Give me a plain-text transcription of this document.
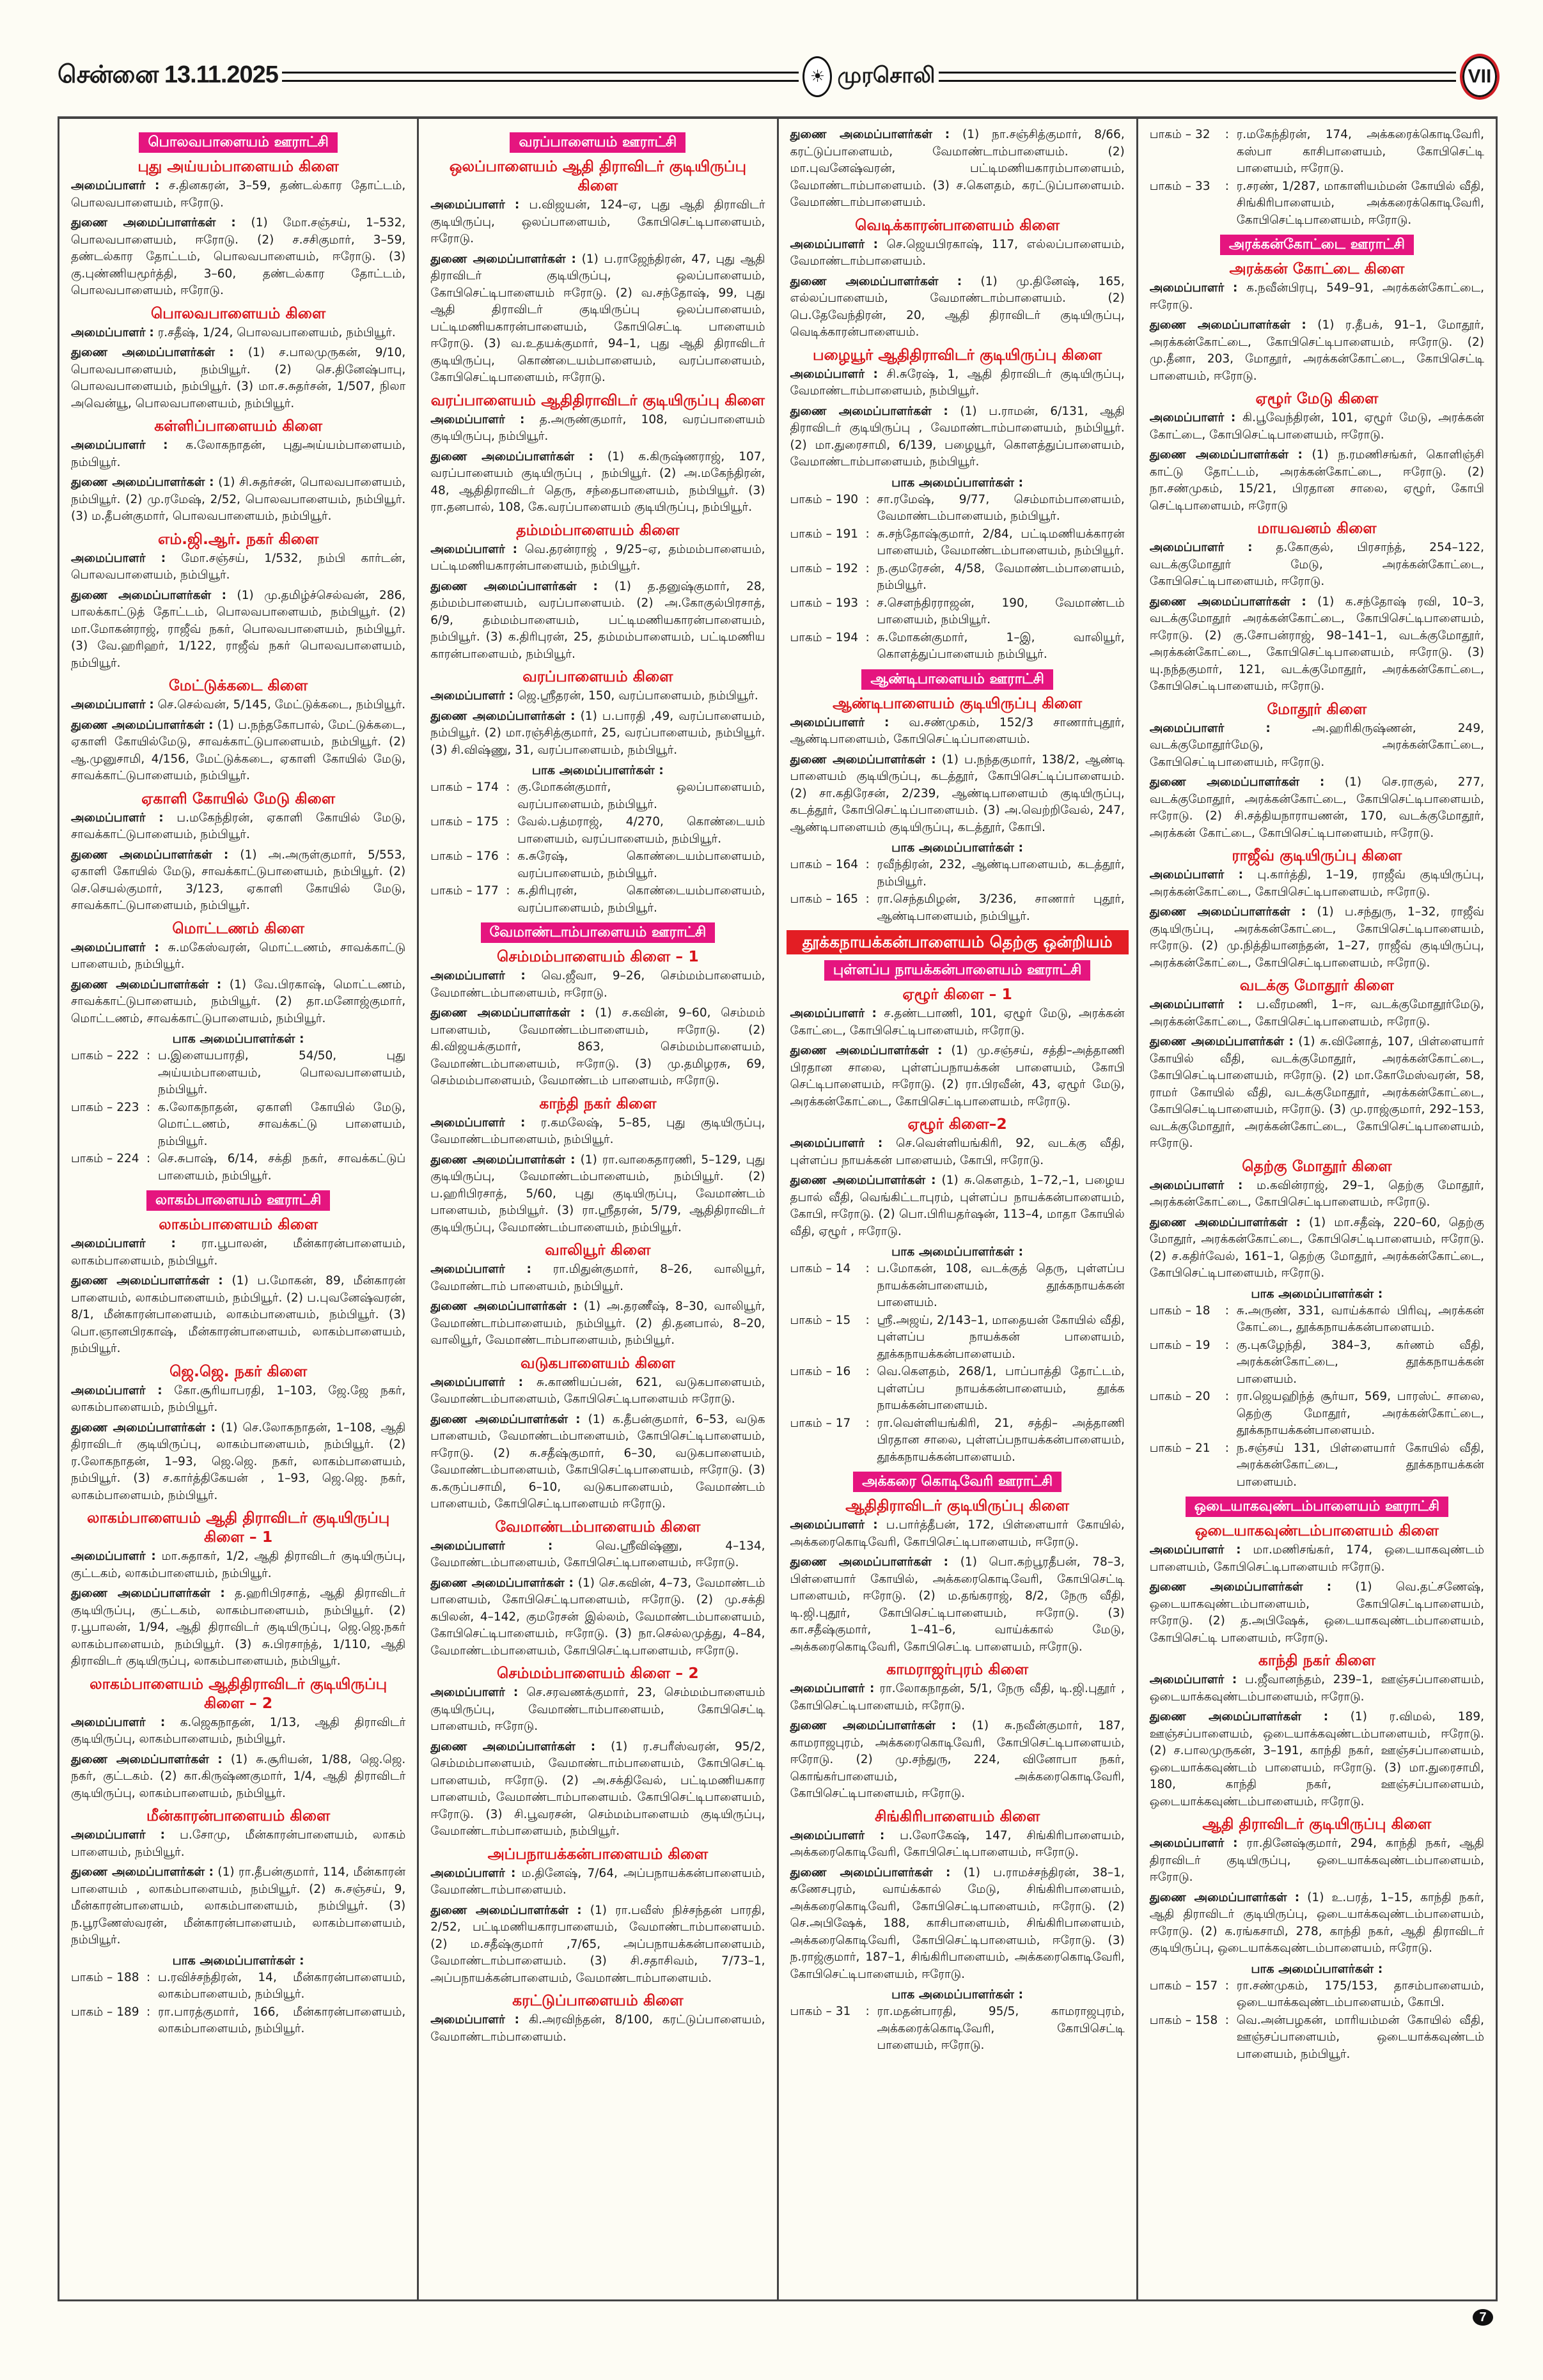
சென்னை 13.11.2025	☀ முரசொலி	VII
பொலவபாளையம் ஊராட்சி
புது அய்யம்பாளையம் கிளை

அமைப்பாளர் : ச.தினகரன், 3–59, தண்டல்கார தோட்டம், பொலவபாளையம், ஈரோடு.

துணை அமைப்பாளர்கள் : (1) மோ.சஞ்சய், 1–532, பொலவபாளையம், ஈரோடு. (2) ச.சசிகுமார், 3–59, தண்டல்கார தோட்டம், பொலவபாளையம், ஈரோடு. (3) கு.புண்ணியமூர்த்தி, 3–60, தண்டல்கார தோட்டம், பொலவபாளையம், ஈரோடு.

பொலவபாளையம் கிளை

அமைப்பாளர் : ர.சதீஷ், 1/24, பொலவபாளையம், நம்பியூர்.

துணை அமைப்பாளர்கள் : (1) ச.பாலமுருகன், 9/10, பொலவபாளையம், நம்பியூர். (2) செ.தினேஷ்பாபு, பொலவபாளையம், நம்பியூர். (3) மா.ச.சுதர்சன், 1/507, நிலா அவென்யூ, பொலவபாளையம், நம்பியூர்.

கள்ளிப்பாளையம் கிளை

அமைப்பாளர் : க.லோகநாதன், புதுஅய்யம்பாளையம், நம்பியூர்.

துணை அமைப்பாளர்கள் : (1) சி.சுதர்சன், பொலவபாளையம், நம்பியூர். (2) மு.ரமேஷ், 2/52, பொலவபாளையம், நம்பியூர். (3) ம.தீபன்குமார், பொலவபாளையம், நம்பியூர்.

எம்.ஜி.ஆர். நகர் கிளை

அமைப்பாளர் : மோ.சஞ்சய், 1/532, நம்பி கார்டன், பொலவபாளையம், நம்பியூர்.

துணை அமைப்பாளர்கள் : (1) மு.தமிழ்ச்செல்வன், 286, பாலக்காட்டுத் தோட்டம், பொலவபாளையம், நம்பியூர். (2) மா.மோகன்ராஜ், ராஜீவ் நகர், பொலவபாளையம், நம்பியூர். (3) வே.ஹரிஹர், 1/122, ராஜீவ் நகர் பொலவபாளையம், நம்பியூர்.

மேட்டுக்கடை கிளை

அமைப்பாளர் : செ.செல்வன், 5/145, மேட்டுக்கடை, நம்பியூர்.

துணை அமைப்பாளர்கள் : (1) ப.நந்தகோபால், மேட்டுக்கடை, ஏகாளி கோயில்மேடு, சாவக்காட்டுபாளையம், நம்பியூர். (2) ஆ.முனுசாமி, 4/156, மேட்டுக்கடை, ஏகாளி கோயில் மேடு, சாவக்காட்டுபாளையம், நம்பியூர்.

ஏகாளி கோயில் மேடு கிளை

அமைப்பாளர் : ப.மகேந்திரன், ஏகாளி கோயில் மேடு, சாவக்காட்டுபாளையம், நம்பியூர்.

துணை அமைப்பாளர்கள் : (1) அ.அருள்குமார், 5/553, ஏகாளி கோயில் மேடு, சாவக்காட்டுபாளையம், நம்பியூர். (2) செ.செயல்குமார், 3/123, ஏகாளி கோயில் மேடு, சாவக்காட்டுபாளையம், நம்பியூர்.

மொட்டணம் கிளை

அமைப்பாளர் : சு.மகேஸ்வரன், மொட்டணம், சாவக்காட்டு பாளையம், நம்பியூர்.

துணை அமைப்பாளர்கள் : (1) வே.பிரகாஷ், மொட்டணம், சாவக்காட்டுபாளையம், நம்பியூர். (2) தா.மனோஜ்குமார், மொட்டணம், சாவக்காட்டுபாளையம், நம்பியூர்.

பாக அமைப்பாளர்கள் :
பாகம் – 222 : ப.இளையபாரதி, 54/50, புது அய்யம்பாளையம், பொலவபாளையம், நம்பியூர்.
பாகம் – 223 : க.லோகநாதன், ஏகாளி கோயில் மேடு, மொட்டணம், சாவக்கட்டு பாளையம், நம்பியூர்.
பாகம் – 224 : செ.சுபாஷ், 6/14, சக்தி நகர், சாவக்கட்டுப் பாளையம், நம்பியூர்.
லாகம்பாளையம் ஊராட்சி
லாகம்பாளையம் கிளை

அமைப்பாளர் : ரா.பூபாலன், மீன்காரன்பாளையம், லாகம்பாளையம், நம்பியூர்.

துணை அமைப்பாளர்கள் : (1) ப.மோகன், 89, மீன்காரன் பாளையம், லாகம்பாளையம், நம்பியூர். (2) ப.புவனேஷ்வரன், 8/1, மீன்காரன்பாளையம், லாகம்பாளையம், நம்பியூர். (3) பொ.ஞானபிரகாஷ், மீன்காரன்பாளையம், லாகம்பாளையம், நம்பியூர்.

ஜெ.ஜெ. நகர் கிளை

அமைப்பாளர் : கோ.சூரியாபரதி, 1–103, ஜே.ஜே நகர், லாகம்பாளையம், நம்பியூர்.

துணை அமைப்பாளர்கள் : (1) செ.லோகநாதன், 1–108, ஆதி திராவிடர் குடியிருப்பு, லாகம்பாளையம், நம்பியூர். (2) ர.லோகநாதன், 1–93, ஜெ.ஜெ. நகர், லாகம்பாளையம், நம்பியூர். (3) ச.கார்த்திகேயன் , 1–93, ஜெ.ஜெ. நகர், லாகம்பாளையம், நம்பியூர்.

லாகம்பாளையம் ஆதி திராவிடர் குடியிருப்பு கிளை – 1

அமைப்பாளர் : மா.சுதாகர், 1/2, ஆதி திராவிடர் குடியிருப்பு, குட்டகம், லாகம்பாளையம், நம்பியூர்.

துணை அமைப்பாளர்கள் : த.ஹரிபிரசாத், ஆதி திராவிடர் குடியிருப்பு, குட்டகம், லாகம்பாளையம், நம்பியூர். (2) ர.பூபாலன், 1/94, ஆதி திராவிடர் குடியிருப்பு, ஜெ.ஜெ.நகர் லாகம்பாளையம், நம்பியூர். (3) சு.பிரசாந்த், 1/110, ஆதி திராவிடர் குடியிருப்பு, லாகம்பாளையம், நம்பியூர்.

லாகம்பாளையம் ஆதிதிராவிடர் குடியிருப்பு கிளை – 2

அமைப்பாளர் : க.ஜெகநாதன், 1/13, ஆதி திராவிடர் குடியிருப்பு, லாகம்பாளையம், நம்பியூர்.

துணை அமைப்பாளர்கள் : (1) சு.சூரியன், 1/88, ஜெ.ஜெ. நகர், குட்டகம். (2) கா.கிருஷ்ணகுமார், 1/4, ஆதி திராவிடர் குடியிருப்பு, லாகம்பாளையம், நம்பியூர்.

மீன்காரன்பாளையம் கிளை

அமைப்பாளர் : ப.சோமு, மீன்காரன்பாளையம், லாகம் பாளையம், நம்பியூர்.

துணை அமைப்பாளர்கள் : (1) ரா.தீபன்குமார், 114, மீன்காரன் பாளையம் , லாகம்பாளையம், நம்பியூர். (2) சு.சஞ்சய், 9, மீன்காரன்பாளையம், லாகம்பாளையம், நம்பியூர். (3) ந.பூரணேஸ்வரன், மீன்காரன்பாளையம், லாகம்பாளையம், நம்பியூர்.

பாக அமைப்பாளர்கள் :
பாகம் – 188 : ப.ரவிச்சந்திரன், 14, மீன்காரன்பாளையம், லாகம்பாளையம், நம்பியூர்.
பாகம் – 189 : ரா.பாரத்குமார், 166, மீன்காரன்பாளையம், லாகம்பாளையம், நம்பியூர்.
வரப்பாளையம் ஊராட்சி
ஒலப்பாளையம் ஆதி திராவிடர் குடியிருப்பு கிளை

அமைப்பாளர் : ப.விஜயன், 124–ஏ, புது ஆதி திராவிடர் குடியிருப்பு, ஒலப்பாளையம், கோபிசெட்டிபாளையம், ஈரோடு.

துணை அமைப்பாளர்கள் : (1) ப.ராஜேந்திரன், 47, புது ஆதி திராவிடர் குடியிருப்பு, ஒலப்பாளையம், கோபிசெட்டிபாளையம் ஈரோடு. (2) வ.சந்தோஷ், 99, புது ஆதி திராவிடர் குடியிருப்பு ஒலப்பாளையம், பட்டிமணியகாரன்பாளையம், கோபிசெட்டி பாளையம் ஈரோடு. (3) வ.உதயக்குமார், 94–1, புது ஆதி திராவிடர் குடியிருப்பு, கொண்டையம்பாளையம், வரப்பாளையம், கோபிசெட்டிபாளையம், ஈரோடு.

வரப்பாளையம் ஆதிதிராவிடர் குடியிருப்பு கிளை

அமைப்பாளர் : த.அருண்குமார், 108, வரப்பாளையம் குடியிருப்பு, நம்பியூர்.

துணை அமைப்பாளர்கள் : (1) க.கிருஷ்ணராஜ், 107, வரப்பாளையம் குடியிருப்பு , நம்பியூர். (2) அ.மகேந்திரன், 48, ஆதிதிராவிடர் தெரு, சந்தைபாளையம், நம்பியூர். (3) ரா.தனபால், 108, கே.வரப்பாளையம் குடியிருப்பு, நம்பியூர்.

தம்மம்பாளையம் கிளை

அமைப்பாளர் : வெ.தரன்ராஜ் , 9/25–ஏ, தம்மம்பாளையம், பட்டிமணியகாரன்பாளையம், நம்பியூர்.

துணை அமைப்பாளர்கள் : (1) த.தனுஷ்குமார், 28, தம்மம்பாளையம், வரப்பாளையம். (2) அ.கோகுல்பிரசாத், 6/9, தம்மம்பாளையம், பட்டிமணியகாரன்பாளையம், நம்பியூர். (3) க.திரிபுரன், 25, தம்மம்பாளையம், பட்டிமணிய காரன்பாளையம், நம்பியூர்.

வரப்பாளையம் கிளை

அமைப்பாளர் : ஜெ.ஸ்ரீதரன், 150, வரப்பாளையம், நம்பியூர்.

துணை அமைப்பாளர்கள் : (1) ப.பாரதி ,49, வரப்பாளையம், நம்பியூர். (2) மா.ரஞ்சித்குமார், 25, வரப்பாளையம், நம்பியூர். (3) சி.விஷ்ணு, 31, வரப்பாளையம், நம்பியூர்.

பாக அமைப்பாளர்கள் :
பாகம் – 174 : கு.மோகன்குமார், ஒலப்பாளையம், வரப்பாளையம், நம்பியூர்.
பாகம் – 175 : வேல்.பத்மராஜ், 4/270, கொண்டையம் பாளையம், வரப்பாளையம், நம்பியூர்.
பாகம் – 176 : க.சுரேஷ், கொண்டையம்பாளையம், வரப்பாளையம், நம்பியூர்.
பாகம் – 177 : க.திரிபுரன், கொண்டையம்பாளையம், வரப்பாளையம், நம்பியூர்.
வேமாண்டாம்பாளையம் ஊராட்சி
செம்மம்பாளையம் கிளை – 1

அமைப்பாளர் : வெ.ஜீவா, 9–26, செம்மம்பாளையம், வேமாண்டம்பாளையம், ஈரோடு.

துணை அமைப்பாளர்கள் : (1) ச.கவின், 9–60, செம்மம் பாளையம், வேமாண்டம்பாளையம், ஈரோடு. (2) கி.விஜயக்குமார், 863, செம்மம்பாளையம், வேமாண்டம்பாளையம், ஈரோடு. (3) மு.தமிழரசு, 69, செம்மம்பாளையம், வேமாண்டம் பாளையம், ஈரோடு.

காந்தி நகர் கிளை

அமைப்பாளர் : ர.கமலேஷ், 5–85, புது குடியிருப்பு, வேமாண்டம்பாளையம், நம்பியூர்.

துணை அமைப்பாளர்கள் : (1) ரா.வாகைதாரணி, 5–129, புது குடியிருப்பு, வேமாண்டம்பாளையம், நம்பியூர். (2) ப.ஹரிபிரசாத், 5/60, புது குடியிருப்பு, வேமாண்டம் பாளையம், நம்பியூர். (3) ரா.ஸ்ரீதரன், 5/79, ஆதிதிராவிடர் குடியிருப்பு, வேமாண்டம்பாளையம், நம்பியூர்.

வாலியூர் கிளை

அமைப்பாளர் : ரா.மிதுன்குமார், 8–26, வாலியூர், வேமாண்டாம் பாளையம், நம்பியூர்.

துணை அமைப்பாளர்கள் : (1) அ.தரணீஷ், 8–30, வாலியூர், வேமாண்டாம்பாளையம், நம்பியூர். (2) தி.தனபால், 8–20, வாலியூர், வேமாண்டாம்பாளையம், நம்பியூர்.

வடுகபாளையம் கிளை

அமைப்பாளர் : சு.காணியப்பன், 621, வடுகபாளையம், வேமாண்டம்பாளையம், கோபிசெட்டிபாளையம் ஈரோடு.

துணை அமைப்பாளர்கள் : (1) க.தீபன்குமார், 6–53, வடுக பாளையம், வேமாண்டம்பாளையம், கோபிசெட்டிபாளையம், ஈரோடு. (2) சு.சதீஷ்குமார், 6–30, வடுகபாளையம், வேமாண்டம்பாளையம், கோபிசெட்டிபாளையம், ஈரோடு. (3) க.கருப்பசாமி, 6–10, வடுகபாளையம், வேமாண்டம் பாளையம், கோபிசெட்டிபாளையம் ஈரோடு.

வேமாண்டம்பாளையம் கிளை

அமைப்பாளர்	:	வெ.ஸ்ரீவிஷ்ணு, 4–134, வேமாண்டம்பாளையம், கோபிசெட்டிபாளையம், ஈரோடு.

துணை அமைப்பாளர்கள் : (1) செ.கவின், 4–73, வேமாண்டம் பாளையம், கோபிசெட்டிபாளையம், ஈரோடு. (2) மு.சக்தி கபிலன், 4–142, குமரேசன் இல்லம், வேமாண்டம்பாளையம், கோபிசெட்டிபாளையம், ஈரோடு. (3) நா.செல்லமுத்து, 4–84, வேமாண்டம்பாளையம், கோபிசெட்டிபாளையம், ஈரோடு.

செம்மம்பாளையம் கிளை – 2

அமைப்பாளர் : செ.சரவணக்குமார், 23, செம்மம்பாளையம் குடியிருப்பு, வேமாண்டாம்பாளையம், கோபிசெட்டி பாளையம், ஈரோடு.

துணை அமைப்பாளர்கள் : (1) ர.சபரீஸ்வரன், 95/2, செம்மம்பாளையம், வேமாண்டாம்பாளையம், கோபிசெட்டி பாளையம், ஈரோடு. (2) அ.சக்திவேல், பட்டிமணியகார பாளையம், வேமாண்டாம்பாளையம். கோபிசெட்டிபாளையம், ஈரோடு. (3) சி.பூவரசன், செம்மம்பாளையம் குடியிருப்பு, வேமாண்டாம்பாளையம், நம்பியூர்.

அப்பநாயக்கன்பாளையம் கிளை

அமைப்பாளர் : ம.தினேஷ், 7/64, அப்பநாயக்கன்பாளையம், வேமாண்டாம்பாளையம்.

துணை அமைப்பாளர்கள் : (1) ரா.பவீஸ் நிச்சந்தன் பாரதி, 2/52, பட்டிமணியகாரபாளையம், வேமாண்டாம்பாளையம். (2) ம.சதீஷ்குமார் ,7/65, அப்பநாயக்கன்பாளையம், வேமாண்டாம்பாளையம். (3) சி.சதாசிவம், 7/73–1, அப்பநாயக்கன்பாளையம், வேமாண்டாம்பாளையம்.

கரட்டுப்பாளையம் கிளை

அமைப்பாளர் : கி.அரவிந்தன், 8/100, கரட்டுப்பாளையம், வேமாண்டாம்பாளையம்.

துணை அமைப்பாளர்கள் : (1) நா.சஞ்சித்குமார், 8/66, கரட்டுப்பாளையம், வேமாண்டாம்பாளையம். (2) மா.புவனேஷ்வரன், பட்டிமணியகாரம்பாளையம், வேமாண்டாம்பாளையம். (3) ச.கௌதம், கரட்டுப்பாளையம். வேமாண்டாம்பாளையம்.

வெடிக்காரன்பாளையம் கிளை

அமைப்பாளர் : செ.ஜெயபிரகாஷ், 117, எல்லப்பாளையம், வேமாண்டாம்பாளையம்.

துணை அமைப்பாளர்கள் : (1) மு.தினேஷ், 165, எல்லப்பாளையம், வேமாண்டாம்பாளையம். (2) பெ.தேவேந்திரன், 20, ஆதி திராவிடர் குடியிருப்பு, வெடிக்காரன்பாளையம்.

பழையூர் ஆதிதிராவிடர் குடியிருப்பு கிளை

அமைப்பாளர் : சி.சுரேஷ், 1, ஆதி திராவிடர் குடியிருப்பு, வேமாண்டாம்பாளையம், நம்பியூர்.

துணை அமைப்பாளர்கள் : (1) ப.ராமன், 6/131, ஆதி திராவிடர் குடியிருப்பு , வேமாண்டாம்பாளையம், நம்பியூர். (2) மா.துரைசாமி, 6/139, பழையூர், கொளத்துப்பாளையம், வேமாண்டாம்பாளையம், நம்பியூர்.

பாக அமைப்பாளர்கள் :
பாகம் – 190 : சா.ரமேஷ், 9/77, செம்மாம்பாளையம், வேமாண்டம்பாளையம், நம்பியூர்.
பாகம் – 191 : சு.சந்தோஷ்குமார், 2/84, பட்டிமணியக்காரன் பாளையம், வேமாண்டம்பாளையம், நம்பியூர்.
பாகம் – 192 : ந.குமரேசன், 4/58, வேமாண்டம்பாளையம், நம்பியூர்.
பாகம் – 193 : ச.சௌந்திரராஜன், 190, வேமாண்டம் பாளையம், நம்பியூர்.
பாகம் – 194 : சு.மோகன்குமார், 1–இ, வாலியூர், கொளத்துப்பாளையம் நம்பியூர்.
ஆண்டிபாளையம் ஊராட்சி
ஆண்டிபாளையம் குடியிருப்பு கிளை

அமைப்பாளர் : வ.சண்முகம், 152/3 சாணார்புதூர், ஆண்டிபாளையம், கோபிசெட்டிப்பாளையம்.

துணை அமைப்பாளர்கள் : (1) ப.நந்தகுமார், 138/2, ஆண்டி பாளையம் குடியிருப்பு, கடத்தூர், கோபிசெட்டிப்பாளையம். (2) சா.கதிரேசன், 2/239, ஆண்டிபாளையம் குடியிருப்பு, கடத்தூர், கோபிசெட்டிப்பாளையம். (3) அ.வெற்றிவேல், 247, ஆண்டிபாளையம் குடியிருப்பு, கடத்தூர், கோபி.

பாக அமைப்பாளர்கள் :
பாகம் – 164 : ரவீந்திரன், 232, ஆண்டிபாளையம், கடத்தூர், நம்பியூர்.
பாகம் – 165 : ரா.செந்தமிழன், 3/236, சாணார் புதூர், ஆண்டிபாளையம், நம்பியூர்.
தூக்கநாயக்கன்பாளையம் தெற்கு ஒன்றியம்
புள்ளப்ப நாயக்கன்பாளையம் ஊராட்சி
ஏழூர் கிளை – 1

அமைப்பாளர் : ச.தண்டபாணி, 101, ஏழூர் மேடு, அரக்கன் கோட்டை, கோபிசெட்டிபாளையம், ஈரோடு.

துணை அமைப்பாளர்கள் : (1) மு.சஞ்சய், சத்தி–அத்தாணி பிரதான சாலை, புள்ளப்பநாயக்கன் பாளையம், கோபி செட்டிபாளையம், ஈரோடு. (2) ரா.பிரவீன், 43, ஏழூர் மேடு, அரக்கன்கோட்டை, கோபிசெட்டிபாளையம், ஈரோடு.

ஏழூர் கிளை–2

அமைப்பாளர் : செ.வெள்ளியங்கிரி, 92, வடக்கு வீதி, புள்ளப்ப நாயக்கன் பாளையம், கோபி, ஈரோடு.

துணை அமைப்பாளர்கள் : (1) சு.கௌதம், 1–72,–1, பழைய தபால் வீதி, வெங்கிட்டாபுரம், புள்ளப்ப நாயக்கன்பாளையம், கோபி, ஈரோடு. (2) பொ.பிரியதர்ஷன், 113–4, மாதா கோயில் வீதி, ஏழூர் , ஈரோடு.

பாக அமைப்பாளர்கள் :
பாகம் – 14	: ப.மோகன், 108, வடக்குத் தெரு, புள்ளப்ப நாயக்கன்பாளையம், தூக்கநாயக்கன் பாளையம்.
பாகம் – 15	: ஸ்ரீ.அஜய், 2/143–1, மாதையன் கோயில் வீதி, புள்ளப்ப நாயக்கன் பாளையம், தூக்கநாயக்கன்பாளையம்.
பாகம் – 16	: வெ.கௌதம், 268/1, பாப்பாத்தி தோட்டம், புள்ளப்ப நாயக்கன்பாளையம், தூக்க நாயக்கன்பாளையம்.
பாகம் – 17	: ரா.வெள்ளியங்கிரி, 21, சத்தி– அத்தாணி பிரதான சாலை, புள்ளப்பநாயக்கன்பாளையம், தூக்கநாயக்கன்பாளையம்.
அக்கரை கொடிவேரி ஊராட்சி
ஆதிதிராவிடர் குடியிருப்பு கிளை

அமைப்பாளர் : ப.பார்த்தீபன், 172, பிள்ளையார் கோயில், அக்கரைகொடிவேரி, கோபிசெட்டிபாளையம், ஈரோடு.

துணை அமைப்பாளர்கள் : (1) பொ.கற்பூரதீபன், 78–3, பிள்ளையார் கோயில், அக்கரைகொடிவேரி, கோபிசெட்டி பாளையம், ஈரோடு. (2) ம.தங்கராஜ், 8/2, நேரு வீதி, டி.ஜி.புதூர், கோபிசெட்டிபாளையம், ஈரோடு. (3) கா.சதீஷ்குமார், 1–41–6, வாய்க்கால் மேடு, அக்கரைகொடிவேரி, கோபிசெட்டி பாளையம், ஈரோடு.

காமராஜர்புரம் கிளை

அமைப்பாளர் : ரா.லோகநாதன், 5/1, நேரு வீதி, டி.ஜி.புதூர் , கோபிசெட்டிபாளையம், ஈரோடு.

துணை அமைப்பாளர்கள் : (1) சு.நவீன்குமார், 187, காமராஜபுரம், அக்கரைகொடிவேரி, கோபிசெட்டிபாளையம், ஈரோடு. (2) மு.சந்துரு, 224, வினோபா நகர், கொங்கர்பாளையம், அக்கரைகொடிவேரி, கோபிசெட்டிபாளையம், ஈரோடு.

சிங்கிரிபாளையம் கிளை

அமைப்பாளர் : ப.லோகேஷ், 147, சிங்கிரிபாளையம், அக்கரைகொடிவேரி, கோபிசெட்டிபாளையம், ஈரோடு.

துணை அமைப்பாளர்கள் : (1) ப.ராமச்சந்திரன், 38–1, கணேசபுரம், வாய்க்கால் மேடு, சிங்கிரிபாளையம், அக்கரைகொடிவேரி, கோபிசெட்டிபாளையம், ஈரோடு. (2) செ.அபிஷேக், 188, காசிபாளையம், சிங்கிரிபாளையம், அக்கரைகொடிவேரி, கோபிசெட்டிபாளையம், ஈரோடு. (3) ந.ராஜ்குமார், 187–1, சிங்கிரிபாளையம், அக்கரைகொடிவேரி, கோபிசெட்டிபாளையம், ஈரோடு.

பாக அமைப்பாளர்கள் :
பாகம் – 31	: ரா.மதன்பாரதி, 95/5, காமராஜபுரம், அக்கரைக்கொடிவேரி, கோபிசெட்டி பாளையம், ஈரோடு.
பாகம் – 32	: ர.மகேந்திரன், 174, அக்கரைக்கொடிவேரி, கஸ்பா காசிபாளையம், கோபிசெட்டி பாளையம், ஈரோடு.
பாகம் – 33	: ர.சரண், 1/287, மாகாளியம்மன் கோயில் வீதி, சிங்கிரிபாளையம், அக்கரைக்கொடிவேரி, கோபிசெட்டிபாளையம், ஈரோடு.
அரக்கன்கோட்டை ஊராட்சி
அரக்கன் கோட்டை கிளை

அமைப்பாளர் : க.நவீன்பிரபு, 549–91, அரக்கன்கோட்டை, ஈரோடு.

துணை அமைப்பாளர்கள் : (1) ர.தீபக், 91–1, மோதூர், அரக்கன்கோட்டை, கோபிசெட்டிபாளையம், ஈரோடு. (2) மு.தீனா, 203, மோதூர், அரக்கன்கோட்டை, கோபிசெட்டி பாளையம், ஈரோடு.

ஏழூர் மேடு கிளை

அமைப்பாளர் : கி.பூவேந்திரன், 101, ஏழூர் மேடு, அரக்கன் கோட்டை, கோபிசெட்டிபாளையம், ஈரோடு.

துணை அமைப்பாளர்கள் : (1) ந.ரமணிசங்கர், கொளிஞ்சி காட்டு தோட்டம், அரக்கன்கோட்டை, ஈரோடு. (2) நா.சண்முகம், 15/21, பிரதான சாலை, ஏழூர், கோபி செட்டிபாளையம், ஈரோடு

மாயவனம் கிளை

அமைப்பாளர் : த.கோகுல், பிரசாந்த், 254–122, வடக்குமோதூர் மேடு, அரக்கன்கோட்டை, கோபிசெட்டிபாளையம், ஈரோடு.

துணை அமைப்பாளர்கள் : (1) க.சந்தோஷ் ரவி, 10–3, வடக்குமோதூர் அரக்கன்கோட்டை, கோபிசெட்டிபாளையம், ஈரோடு. (2) கு.சோபன்ராஜ், 98–141–1, வடக்குமோதூர், அரக்கன்கோட்டை, கோபிசெட்டிபாளையம், ஈரோடு. (3) யு.நந்தகுமார், 121, வடக்குமோதூர், அரக்கன்கோட்டை, கோபிசெட்டிபாளையம், ஈரோடு.

மோதூர் கிளை

அமைப்பாளர்	:	அ.ஹரிகிருஷ்ணன், 249, வடக்குமோதூர்மேடு, அரக்கன்கோட்டை, கோபிசெட்டிபாளையம், ஈரோடு.

துணை அமைப்பாளர்கள் : (1) செ.ராகுல், 277, வடக்குமோதூர், அரக்கன்கோட்டை, கோபிசெட்டிபாளையம், ஈரோடு. (2) சி.சத்தியநாராயணன், 170, வடக்குமோதூர், அரக்கன் கோட்டை, கோபிசெட்டிபாளையம், ஈரோடு.

ராஜீவ் குடியிருப்பு கிளை

அமைப்பாளர் : பு.கார்த்தி, 1–19, ராஜீவ் குடியிருப்பு, அரக்கன்கோட்டை, கோபிசெட்டிபாளையம், ஈரோடு.

துணை அமைப்பாளர்கள் : (1) ப.சந்துரு, 1–32, ராஜீவ் குடியிருப்பு, அரக்கன்கோட்டை, கோபிசெட்டிபாளையம், ஈரோடு. (2) மு.நித்தியானந்தன், 1–27, ராஜீவ் குடியிருப்பு, அரக்கன்கோட்டை, கோபிசெட்டிபாளையம், ஈரோடு.

வடக்கு மோதூர் கிளை

அமைப்பாளர் : ப.வீரமணி, 1–ஈ, வடக்குமோதூர்மேடு, அரக்கன்கோட்டை, கோபிசெட்டிபாளையம், ஈரோடு.

துணை அமைப்பாளர்கள் : (1) சு.வினோத், 107, பிள்ளையார் கோயில் வீதி, வடக்குமோதூர், அரக்கன்கோட்டை, கோபிசெட்டிபாளையம், ஈரோடு. (2) மா.கோமேஸ்வரன், 58, ராமர் கோயில் வீதி, வடக்குமோதூர், அரக்கன்கோட்டை, கோபிசெட்டிபாளையம், ஈரோடு. (3) மு.ராஜ்குமார், 292–153, வடக்குமோதூர், அரக்கன்கோட்டை, கோபிசெட்டிபாளையம், ஈரோடு.

தெற்கு மோதூர் கிளை

அமைப்பாளர் : ம.கவின்ராஜ், 29–1, தெற்கு மோதூர், அரக்கன்கோட்டை, கோபிசெட்டிபாளையம், ஈரோடு.

துணை அமைப்பாளர்கள் : (1) மா.சதீஷ், 220–60, தெற்கு மோதூர், அரக்கன்கோட்டை, கோபிசெட்டிபாளையம், ஈரோடு. (2) ச.கதிர்வேல், 161–1, தெற்கு மோதூர், அரக்கன்கோட்டை, கோபிசெட்டிபாளையம், ஈரோடு.

பாக அமைப்பாளர்கள் :
பாகம் – 18	: சு.அருண், 331, வாய்க்கால் பிரிவு, அரக்கன் கோட்டை, தூக்கநாயக்கன்பாளையம்.
பாகம் – 19	: கு.புகழேந்தி, 384–3, கர்ணம் வீதி, அரக்கன்கோட்டை, தூக்கநாயக்கன் பாளையம்.
பாகம் – 20	: ரா.ஜெயஹிந்த் சூர்யா, 569, பாரஸ்ட் சாலை, தெற்கு மோதூர், அரக்கன்கோட்டை, தூக்கநாயக்கன்பாளையம்.
பாகம் – 21	: ந.சஞ்சய் 131, பிள்ளையார் கோயில் வீதி, அரக்கன்கோட்டை, தூக்கநாயக்கன் பாளையம்.
ஒடையாகவுண்டம்பாளையம் ஊராட்சி
ஒடையாகவுண்டம்பாளையம் கிளை

அமைப்பாளர் : மா.மணிசங்கர், 174, ஒடையாகவுண்டம் பாளையம், கோபிசெட்டிபாளையம் ஈரோடு.

துணை அமைப்பாளர்கள் : (1) வெ.தட்சணேஷ், ஒடையாகவுண்டம்பாளையம், கோபிசெட்டிபாளையம், ஈரோடு. (2) த.அபிஷேக், ஒடையாகவுண்டம்பாளையம், கோபிசெட்டி பாளையம், ஈரோடு.

காந்தி நகர் கிளை

அமைப்பாளர் : ப.ஜீவானந்தம், 239–1, ஊஞ்சப்பாளையம், ஒடையாக்கவுண்டம்பாளையம், ஈரோடு.

துணை அமைப்பாளர்கள் : (1) ர.விமல், 189, ஊஞ்சப்பாளையம், ஒடையாக்கவுண்டம்பாளையம், ஈரோடு. (2) ச.பாலமுருகன், 3–191, காந்தி நகர், ஊஞ்சப்பாளையம், ஒடையாக்கவுண்டம் பாளையம், ஈரோடு. (3) மா.துரைசாமி, 180, காந்தி நகர், ஊஞ்சப்பாளையம், ஒடையாக்கவுண்டம்பாளையம், ஈரோடு.

ஆதி திராவிடர் குடியிருப்பு கிளை

அமைப்பாளர் : ரா.தினேஷ்குமார், 294, காந்தி நகர், ஆதி திராவிடர் குடியிருப்பு, ஒடையாக்கவுண்டம்பாளையம், ஈரோடு.

துணை அமைப்பாளர்கள் : (1) உ.பரத், 1–15, காந்தி நகர், ஆதி திராவிடர் குடியிருப்பு, ஒடையாக்கவுண்டம்பாளையம், ஈரோடு. (2) க.ரங்கசாமி, 278, காந்தி நகர், ஆதி திராவிடர் குடியிருப்பு, ஒடையாக்கவுண்டம்பாளையம், ஈரோடு.

பாக அமைப்பாளர்கள் :
பாகம் – 157 : ரா.சண்முகம், 175/153, தாசம்பாளையம், ஒடையாக்கவுண்டம்பாளையம், கோபி.
பாகம் – 158 : வெ.அன்பழகன், மாரியம்மன் கோயில் வீதி, ஊஞ்சப்பாளையம், ஒடையாக்கவுண்டம் பாளையம், நம்பியூர்.
7
